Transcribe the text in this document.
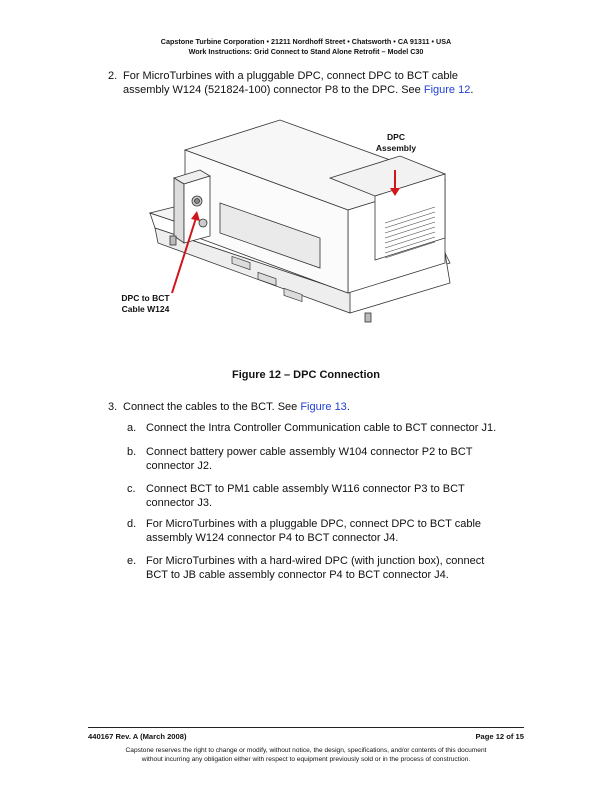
Capstone Turbine Corporation • 21211 Nordhoff Street • Chatsworth • CA 91311 • USA
Work Instructions: Grid Connect to Stand Alone Retrofit – Model C30
2. For MicroTurbines with a pluggable DPC, connect DPC to BCT cable
assembly W124 (521824-100) connector P8 to the DPC. See Figure 12.
DPC
Assembly
DPC to BCT
Cable W124
Figure 12 – DPC Connection
3. Connect the cables to the BCT. See Figure 13.
a. Connect the Intra Controller Communication cable to BCT connector J1.
b. Connect battery power cable assembly W104 connector P2 to BCT
connector J2.
c. Connect BCT to PM1 cable assembly W116 connector P3 to BCT
connector J3.
d. For MicroTurbines with a pluggable DPC, connect DPC to BCT cable
assembly W124 connector P4 to BCT connector J4.
e. For MicroTurbines with a hard-wired DPC (with junction box), connect
BCT to JB cable assembly connector P4 to BCT connector J4.
440167 Rev. A (March 2008)	Page 12 of 15
Capstone reserves the right to change or modify, without notice, the design, specifications, and/or contents of this document
without incurring any obligation either with respect to equipment previously sold or in the process of construction.
